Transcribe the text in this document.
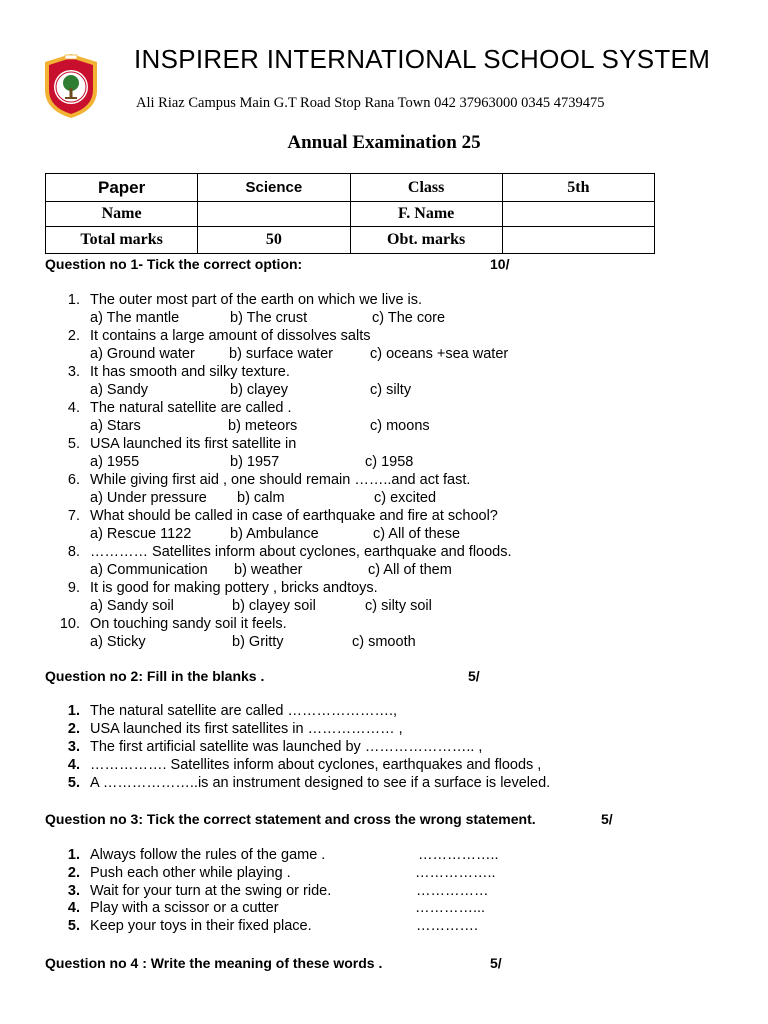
INSPIRER INTERNATIONAL SCHOOL SYSTEM
Ali Riaz Campus Main G.T Road Stop Rana Town 042 37963000 0345 4739475
Annual Examination 25
Paper	Science	Class	5th
Name		F. Name	
Total marks	50	Obt. marks	
Question no 1- Tick the correct option:	10/
1. The outer most part of the earth on which we live is.
a) The mantle	b) The crust	c) The core
2. It contains a large amount of dissolves salts
a) Ground water b) surface water	c) oceans +sea water
3. It has smooth and silky texture.
a) Sandy	b) clayey	c) silty
4. The natural satellite are called .
a) Stars	b) meteors	c) moons
5. USA launched its first satellite in
a) 1955	b) 1957	c) 1958
6. While giving first aid , one should remain ……..and act fast.
a) Under pressure b) calm	c) excited
7. What should be called in case of earthquake and fire at school?
a) Rescue 1122	b) Ambulance	c) All of these
8. ………… Satellites inform about cyclones, earthquake and floods.
a) Communication b) weather	c) All of them
9. It is good for making pottery , bricks andtoys.
a) Sandy soil	b) clayey soil	c) silty soil
10. On touching sandy soil it feels.
a) Sticky	b) Gritty	c) smooth
Question no 2: Fill in the blanks .	5/
1. The natural satellite are called ………………….,
2. USA launched its first satellites in ……………… ,
3. The first artificial satellite was launched by ………………….. ,
4. ……………. Satellites inform about cyclones, earthquakes and floods ,
5. A ………………..is an instrument designed to see if a surface is leveled.
Question no 3: Tick the correct statement and cross the wrong statement.	5/
1. Always follow the rules of the game .	……………..
2. Push each other while playing .	……………..
3. Wait for your turn at the swing or ride.	……………
4. Play with a scissor or a cutter	…………...
5. Keep your toys in their fixed place.	………….
Question no 4 : Write the meaning of these words .	5/
